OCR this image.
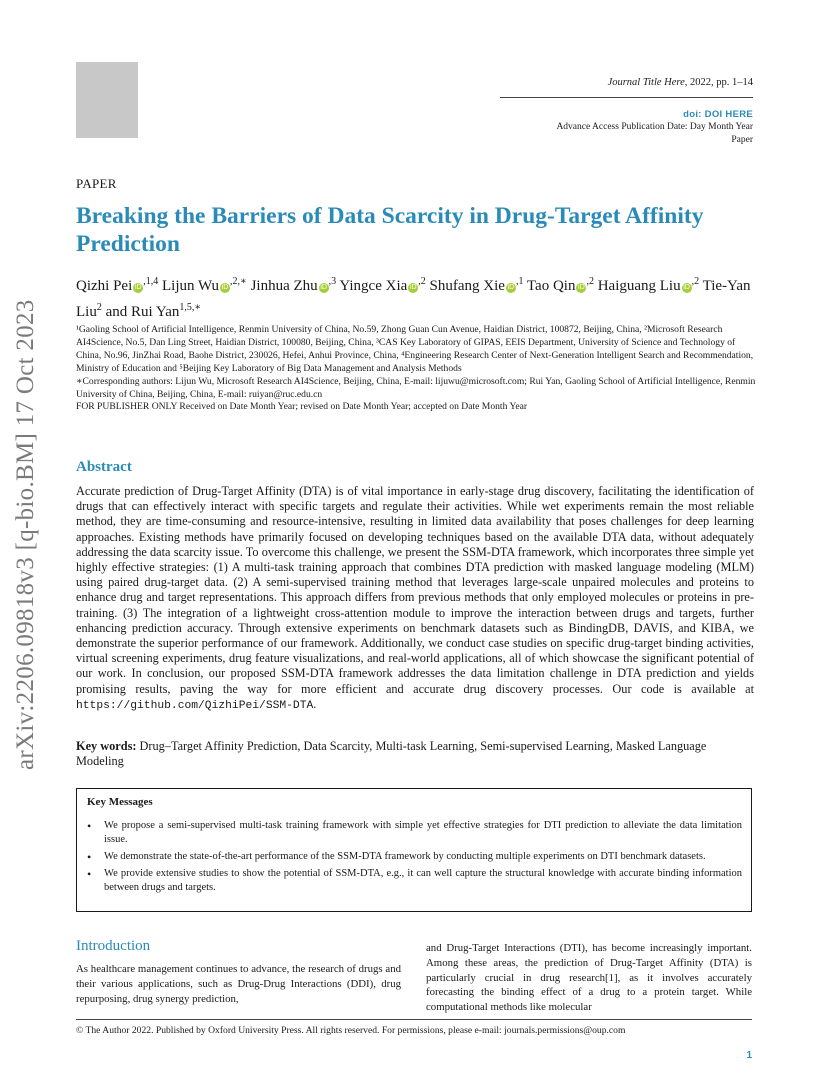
Journal Title Here, 2022, pp. 1–14
doi: DOI HERE
Advance Access Publication Date: Day Month Year
Paper
arXiv:2206.09818v3 [q-bio.BM] 17 Oct 2023
PAPER
Breaking the Barriers of Data Scarcity in Drug-Target Affinity Prediction
Qizhi Pei $iD^{,1,4}$ Lijun Wu $iD^{,2,∗}$ Jinhua Zhu $iD^{,3}$ Yingce Xia $iD^{,2}$ Shufang Xie $iD^{,1}$ Tao Qin $iD^{,2}$ Haiguang Liu $iD^{,2}$ Tie-Yan Liu$^2$ and Rui Yan$^{1,5,∗}$
¹Gaoling School of Artificial Intelligence, Renmin University of China, No.59, Zhong Guan Cun Avenue, Haidian District, 100872, Beijing, China, ²Microsoft Research AI4Science, No.5, Dan Ling Street, Haidian District, 100080, Beijing, China, ³CAS Key Laboratory of GIPAS, EEIS Department, University of Science and Technology of China, No.96, JinZhai Road, Baohe District, 230026, Hefei, Anhui Province, China, ⁴Engineering Research Center of Next-Generation Intelligent Search and Recommendation, Ministry of Education and ⁵Beijing Key Laboratory of Big Data Management and Analysis Methods
∗Corresponding authors: Lijun Wu, Microsoft Research AI4Science, Beijing, China, E-mail: lijuwu@microsoft.com; Rui Yan, Gaoling School of Artificial Intelligence, Renmin University of China, Beijing, China, E-mail: ruiyan@ruc.edu.cn
FOR PUBLISHER ONLY Received on Date Month Year; revised on Date Month Year; accepted on Date Month Year
Abstract
Accurate prediction of Drug-Target Affinity (DTA) is of vital importance in early-stage drug discovery, facilitating the identification of drugs that can effectively interact with specific targets and regulate their activities. While wet experiments remain the most reliable method, they are time-consuming and resource-intensive, resulting in limited data availability that poses challenges for deep learning approaches. Existing methods have primarily focused on developing techniques based on the available DTA data, without adequately addressing the data scarcity issue. To overcome this challenge, we present the SSM-DTA framework, which incorporates three simple yet highly effective strategies: (1) A multi-task training approach that combines DTA prediction with masked language modeling (MLM) using paired drug-target data. (2) A semi-supervised training method that leverages large-scale unpaired molecules and proteins to enhance drug and target representations. This approach differs from previous methods that only employed molecules or proteins in pre-training. (3) The integration of a lightweight cross-attention module to improve the interaction between drugs and targets, further enhancing prediction accuracy. Through extensive experiments on benchmark datasets such as BindingDB, DAVIS, and KIBA, we demonstrate the superior performance of our framework. Additionally, we conduct case studies on specific drug-target binding activities, virtual screening experiments, drug feature visualizations, and real-world applications, all of which showcase the significant potential of our work. In conclusion, our proposed SSM-DTA framework addresses the data limitation challenge in DTA prediction and yields promising results, paving the way for more efficient and accurate drug discovery processes. Our code is available at https://github.com/QizhiPei/SSM-DTA.
Key words: Drug–Target Affinity Prediction, Data Scarcity, Multi-task Learning, Semi-supervised Learning, Masked Language Modeling
Key Messages
• We propose a semi-supervised multi-task training framework with simple yet effective strategies for DTI prediction to alleviate the data limitation issue.
• We demonstrate the state-of-the-art performance of the SSM-DTA framework by conducting multiple experiments on DTI benchmark datasets.
• We provide extensive studies to show the potential of SSM-DTA, e.g., it can well capture the structural knowledge with accurate binding information between drugs and targets.
Introduction
As healthcare management continues to advance, the research of drugs and their various applications, such as Drug-Drug Interactions (DDI), drug repurposing, drug synergy prediction,
and Drug-Target Interactions (DTI), has become increasingly important. Among these areas, the prediction of Drug-Target Affinity (DTA) is particularly crucial in drug research[1], as it involves accurately forecasting the binding effect of a drug to a protein target. While computational methods like molecular
© The Author 2022. Published by Oxford University Press. All rights reserved. For permissions, please e-mail: journals.permissions@oup.com
1
